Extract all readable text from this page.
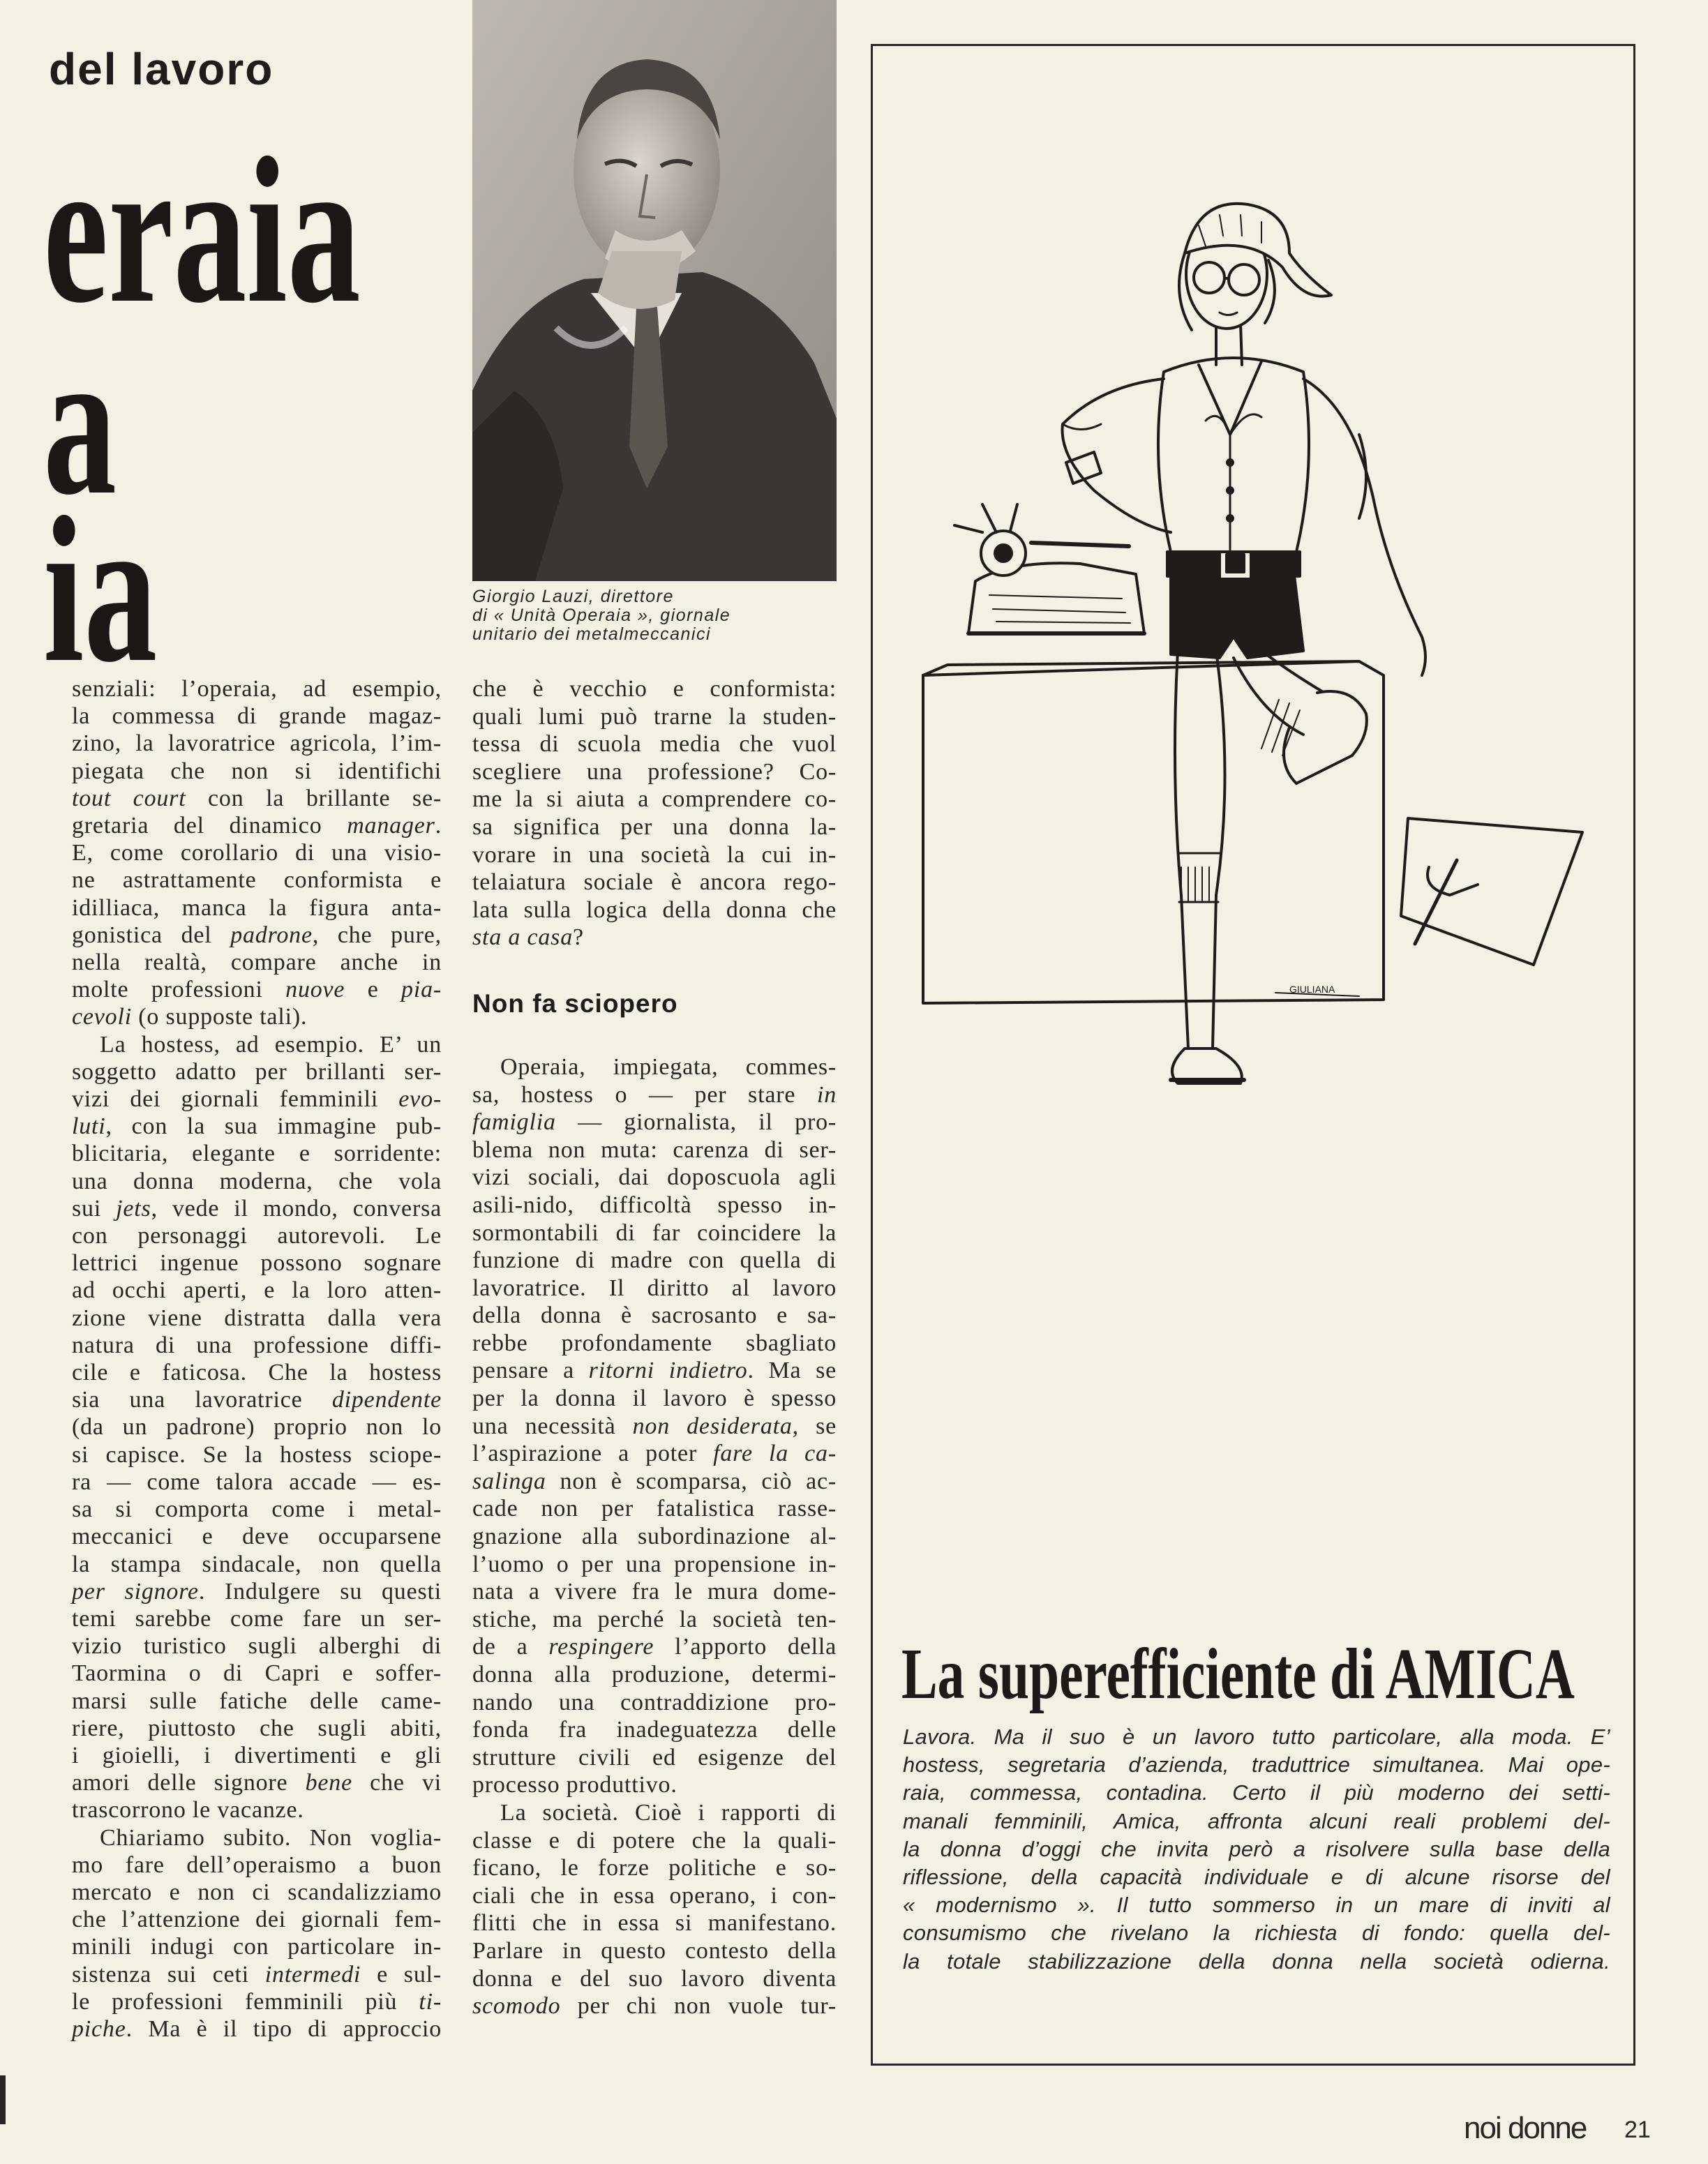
del lavoro
eraia
a
ia	Giorgio Lauzi, direttore
di « Unità Operaia », giornale
unitario dei metalmeccanici
senziali: l’operaia, ad esempio,
la commessa di grande magaz-
zino, la lavoratrice agricola, l’im-
piegata che non si identifichi
tout court con la brillante se-
gretaria del dinamico manager.
E, come corollario di una visio-
ne astrattamente conformista e
idilliaca, manca la figura anta-
gonistica del padrone, che pure,
nella realtà, compare anche in
molte professioni nuove e pia-
cevoli (o supposte tali).
La hostess, ad esempio. E’ un
soggetto adatto per brillanti ser-
vizi dei giornali femminili evo-
luti, con la sua immagine pub-
blicitaria, elegante e sorridente:
una donna moderna, che vola
sui jets, vede il mondo, conversa
con personaggi autorevoli. Le
lettrici ingenue possono sognare
ad occhi aperti, e la loro atten-
zione viene distratta dalla vera
natura di una professione diffi-
cile e faticosa. Che la hostess
sia una lavoratrice dipendente
(da un padrone) proprio non lo
si capisce. Se la hostess sciope-
ra — come talora accade — es-
sa si comporta come i metal-
meccanici e deve occuparsene
la stampa sindacale, non quella
per signore. Indulgere su questi
temi sarebbe come fare un ser-
vizio turistico sugli alberghi di
Taormina o di Capri e soffer-
marsi sulle fatiche delle came-
riere, piuttosto che sugli abiti,
i gioielli, i divertimenti e gli
amori delle signore bene che vi
trascorrono le vacanze.
Chiariamo subito. Non voglia-
mo fare dell’operaismo a buon
mercato e non ci scandalizziamo
che l’attenzione dei giornali fem-
minili indugi con particolare in-
sistenza sui ceti intermedi e sul-
le professioni femminili più ti-
piche. Ma è il tipo di approccio
che è vecchio e conformista:
quali lumi può trarne la studen-
tessa di scuola media che vuol
scegliere una professione? Co-
me la si aiuta a comprendere co-
sa significa per una donna la-
vorare in una società la cui in-
telaiatura sociale è ancora rego-
lata sulla logica della donna che
sta a casa?
Non fa sciopero
Operaia, impiegata, commes-
sa, hostess o — per stare in
famiglia — giornalista, il pro-
blema non muta: carenza di ser-
vizi sociali, dai doposcuola agli
asili-nido, difficoltà spesso in-
sormontabili di far coincidere la
funzione di madre con quella di
lavoratrice. Il diritto al lavoro
della donna è sacrosanto e sa-
rebbe profondamente sbagliato
pensare a ritorni indietro. Ma se
per la donna il lavoro è spesso
una necessità non desiderata, se
l’aspirazione a poter fare la ca-
salinga non è scomparsa, ciò ac-
cade non per fatalistica rasse-
gnazione alla subordinazione al-
l’uomo o per una propensione in-
nata a vivere fra le mura dome-
stiche, ma perché la società ten-
de a respingere l’apporto della
donna alla produzione, determi-
nando una contraddizione pro-
fonda fra inadeguatezza delle
strutture civili ed esigenze del
processo produttivo.
La società. Cioè i rapporti di
classe e di potere che la quali-
ficano, le forze politiche e so-
ciali che in essa operano, i con-
flitti che in essa si manifestano.
Parlare in questo contesto della
donna e del suo lavoro diventa
scomodo per chi non vuole tur-
GIULIANA
La superefficiente di AMICA
Lavora. Ma il suo è un lavoro tutto particolare, alla moda. E’
hostess, segretaria d’azienda, traduttrice simultanea. Mai ope-
raia, commessa, contadina. Certo il più moderno dei setti-
manali femminili, Amica, affronta alcuni reali problemi del-
la donna d’oggi che invita però a risolvere sulla base della
riflessione, della capacità individuale e di alcune risorse del
« modernismo ». Il tutto sommerso in un mare di inviti al
consumismo che rivelano la richiesta di fondo: quella del-
la totale stabilizzazione della donna nella società odierna.
noi donne 21
